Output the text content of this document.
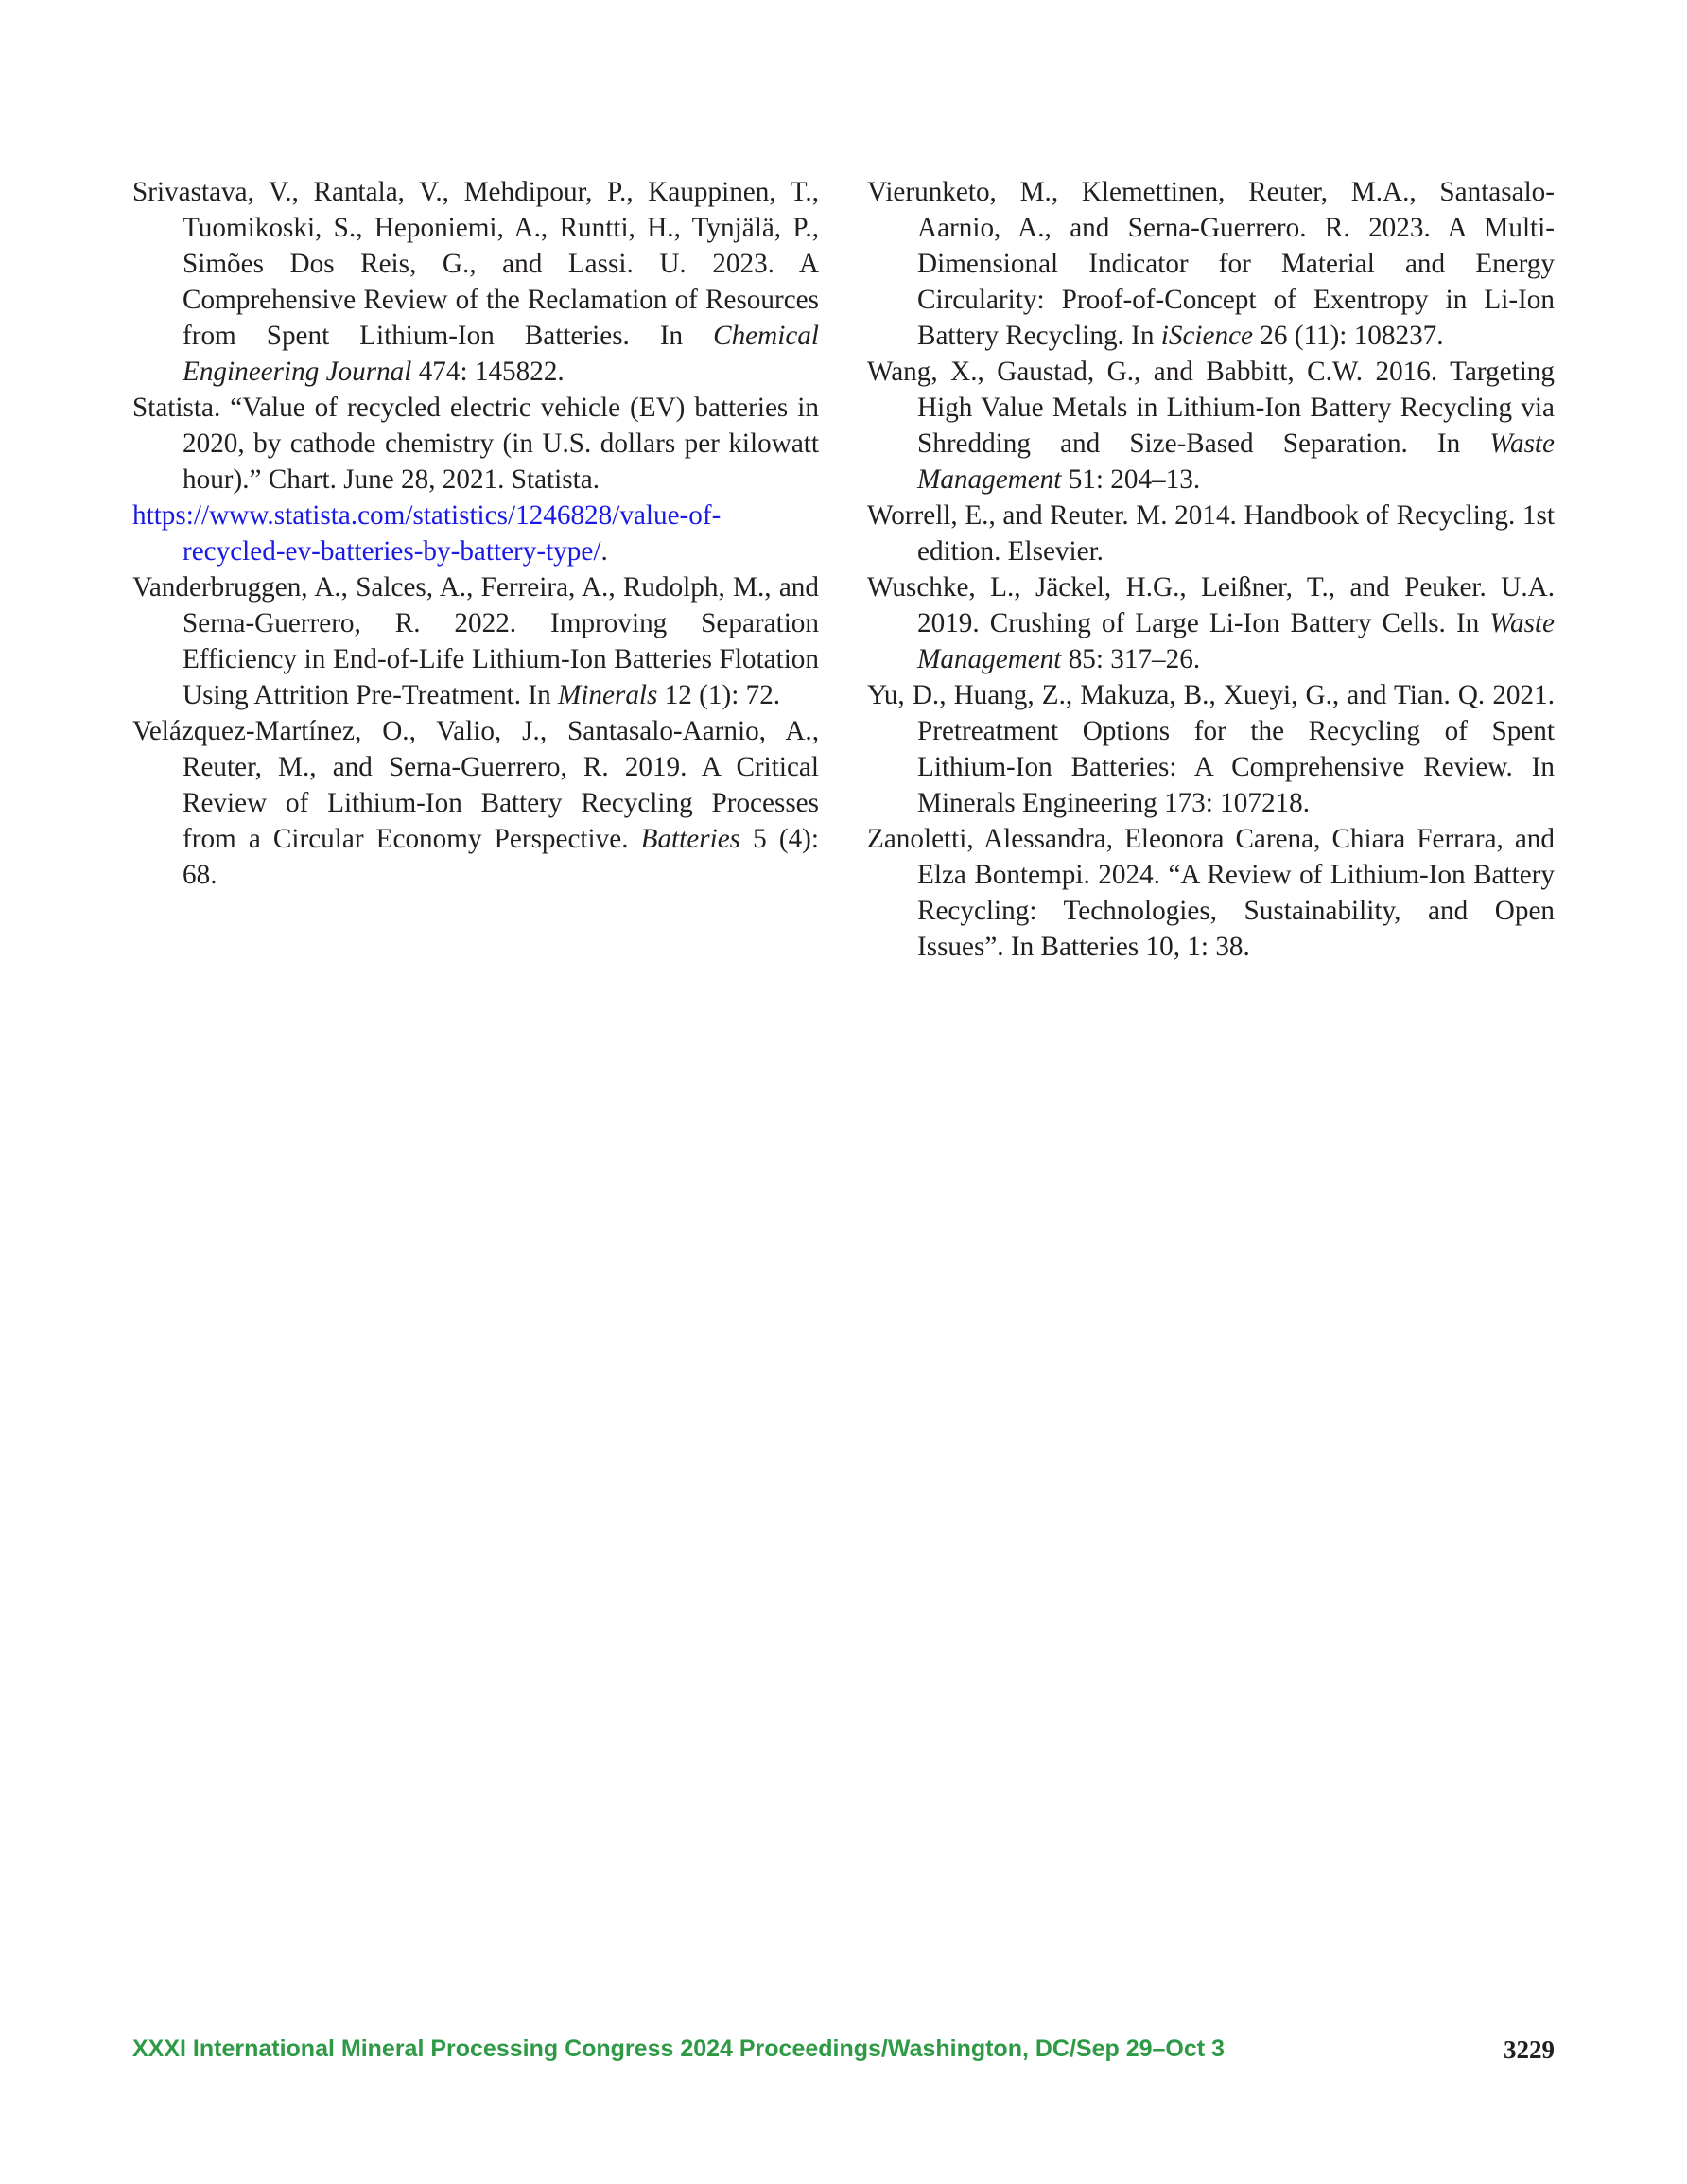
Srivastava, V., Rantala, V., Mehdipour, P., Kauppinen, T., Tuomikoski, S., Heponiemi, A., Runtti, H., Tynjälä, P., Simões Dos Reis, G., and Lassi. U. 2023. A Comprehensive Review of the Reclamation of Resources from Spent Lithium-Ion Batteries. In Chemical Engineering Journal 474: 145822.

Statista. “Value of recycled electric vehicle (EV) batteries in 2020, by cathode chemistry (in U.S. dollars per kilowatt hour).” Chart. June 28, 2021. Statista.

https://www.statista.com/statistics/1246828/value-of-recycled-ev-batteries-by-battery-type/.

Vanderbruggen, A., Salces, A., Ferreira, A., Rudolph, M., and Serna-Guerrero, R. 2022. Improving Separation Efficiency in End-of-Life Lithium-Ion Batteries Flotation Using Attrition Pre-Treatment. In Minerals 12 (1): 72.

Velázquez-Martínez, O., Valio, J., Santasalo-Aarnio, A., Reuter, M., and Serna-Guerrero, R. 2019. A Critical Review of Lithium-Ion Battery Recycling Processes from a Circular Economy Perspective. Batteries 5 (4): 68.

Vierunketo, M., Klemettinen, Reuter, M.A., Santasalo-Aarnio, A., and Serna-Guerrero. R. 2023. A Multi-Dimensional Indicator for Material and Energy Circularity: Proof-of-Concept of Exentropy in Li-Ion Battery Recycling. In iScience 26 (11): 108237.

Wang, X., Gaustad, G., and Babbitt, C.W. 2016. Targeting High Value Metals in Lithium-Ion Battery Recycling via Shredding and Size-Based Separation. In Waste Management 51: 204–13.

Worrell, E., and Reuter. M. 2014. Handbook of Recycling. 1st edition. Elsevier.

Wuschke, L., Jäckel, H.G., Leißner, T., and Peuker. U.A. 2019. Crushing of Large Li-Ion Battery Cells. In Waste Management 85: 317–26.

Yu, D., Huang, Z., Makuza, B., Xueyi, G., and Tian. Q. 2021. Pretreatment Options for the Recycling of Spent Lithium-Ion Batteries: A Comprehensive Review. In Minerals Engineering 173: 107218.

Zanoletti, Alessandra, Eleonora Carena, Chiara Ferrara, and Elza Bontempi. 2024. “A Review of Lithium-Ion Battery Recycling: Technologies, Sustainability, and Open Issues”. In Batteries 10, 1: 38.

XXXI International Mineral Processing Congress 2024 Proceedings/Washington, DC/Sep 29–Oct 3	3229
